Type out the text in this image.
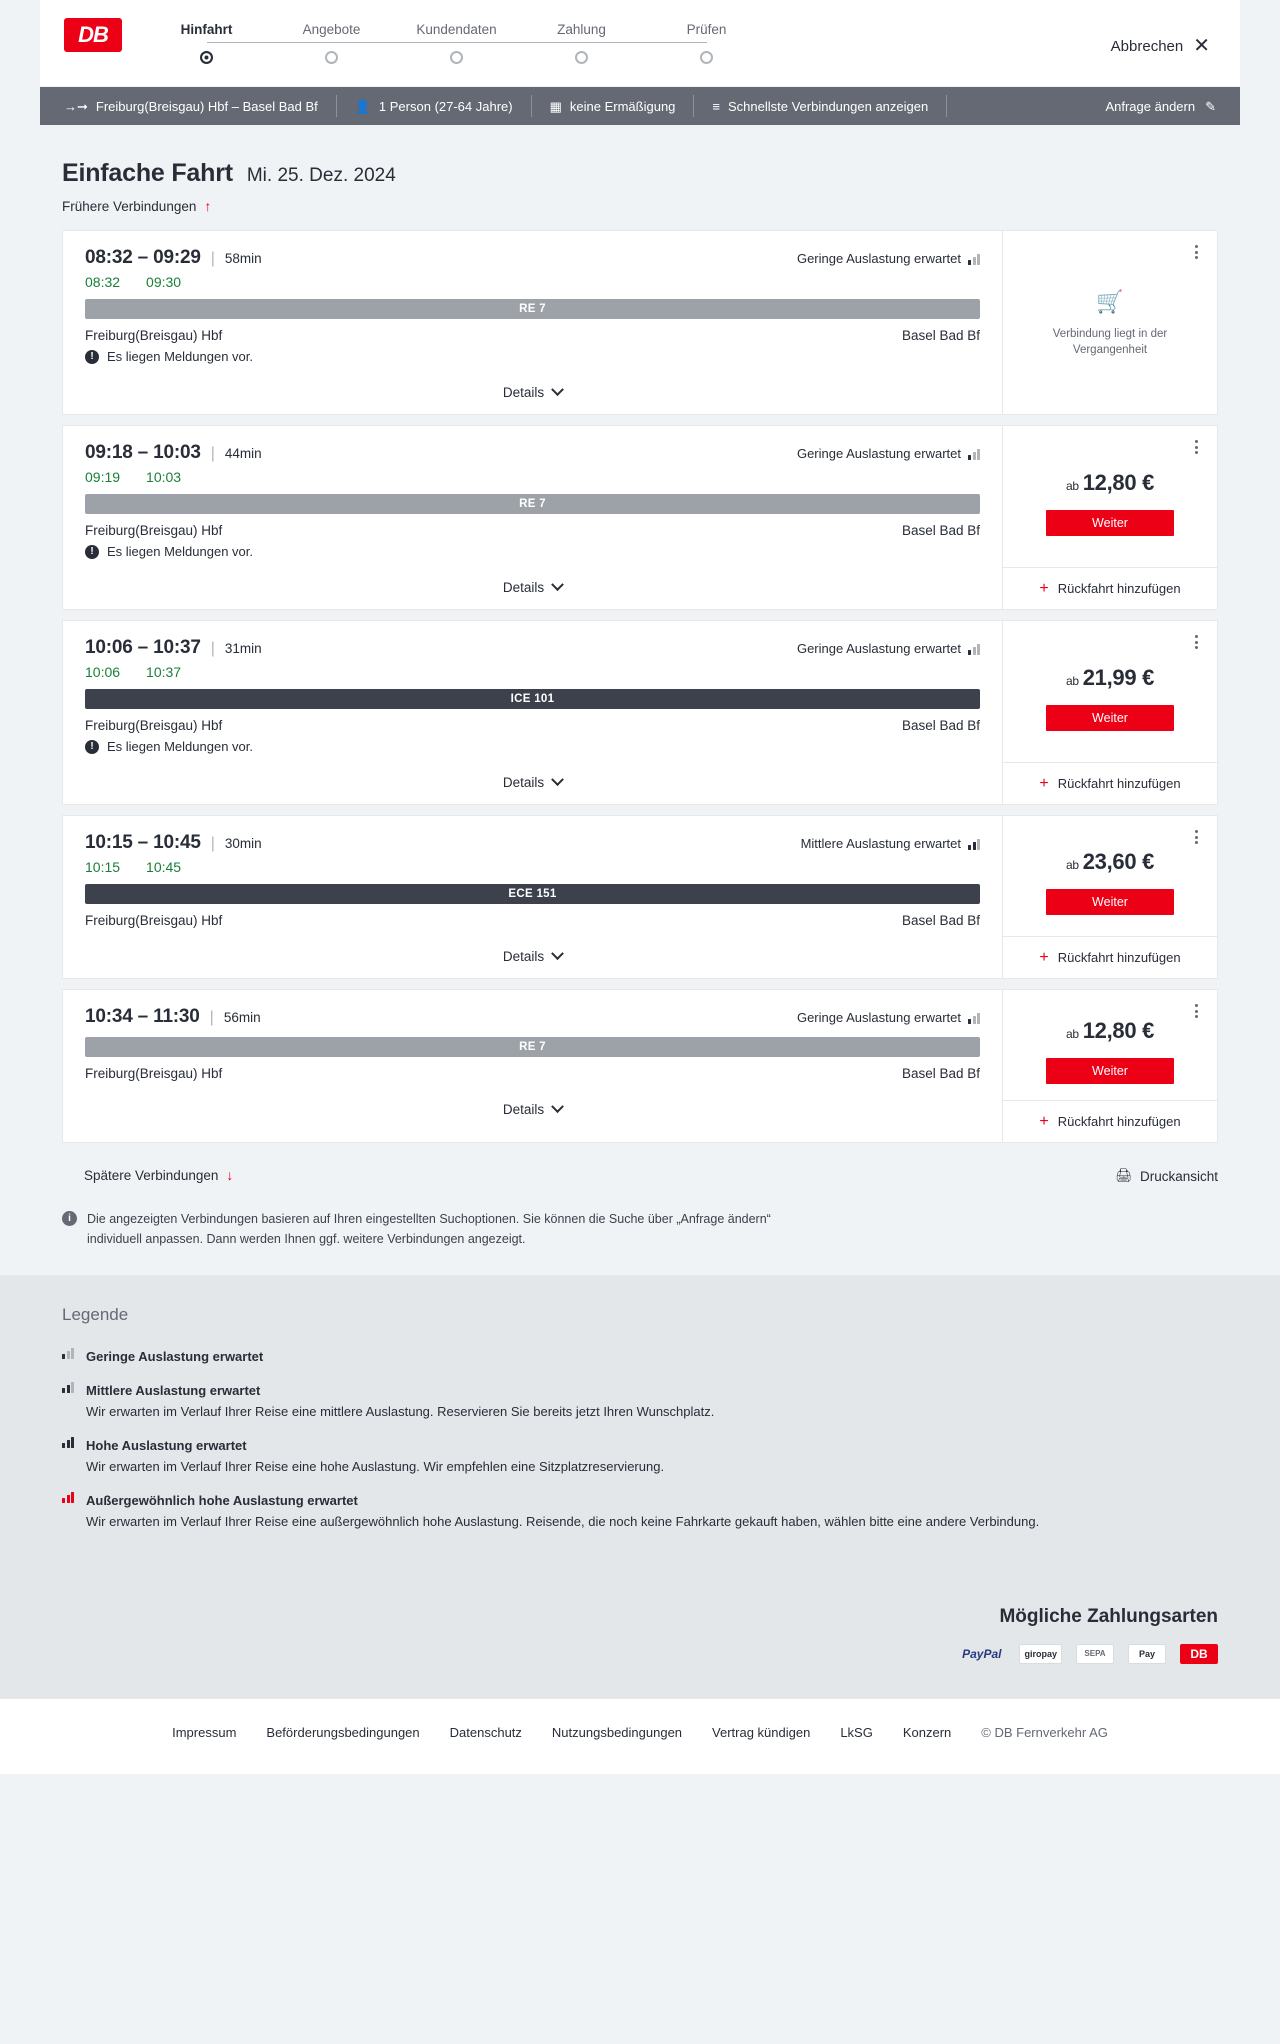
DB	Hinfahrt	Angebote	Kundendaten	Zahlung	Prüfen
Abbrechen ✕
→➞ Freiburg(Breisgau) Hbf – Basel Bad Bf	👤 1 Person (27-64 Jahre)	▦ keine Ermäßigung	≡ Schnellste Verbindungen anzeigen	Anfrage ändern ✎
Einfache Fahrt Mi. 25. Dez. 2024
Frühere Verbindungen ↑
08:32 – 09:29 | 58min	Geringe Auslastung erwartet
08:32 09:30
RE 7
Freiburg(Breisgau) Hbf	Basel Bad Bf
!	Es liegen Meldungen vor.
Details
🛒
Verbindung liegt in der Vergangenheit
09:18 – 10:03 | 44min	Geringe Auslastung erwartet
09:19 10:03
RE 7
Freiburg(Breisgau) Hbf	Basel Bad Bf
!	Es liegen Meldungen vor.
Details
ab 12,80 €
Weiter
+ Rückfahrt hinzufügen
10:06 – 10:37 | 31min	Geringe Auslastung erwartet
10:06 10:37
ICE 101
Freiburg(Breisgau) Hbf	Basel Bad Bf
!	Es liegen Meldungen vor.
Details
ab 21,99 €
Weiter
+ Rückfahrt hinzufügen
10:15 – 10:45 | 30min	Mittlere Auslastung erwartet
10:15 10:45
ECE 151
Freiburg(Breisgau) Hbf	Basel Bad Bf
Details
ab 23,60 €
Weiter
+ Rückfahrt hinzufügen
10:34 – 11:30 | 56min	Geringe Auslastung erwartet
RE 7
Freiburg(Breisgau) Hbf	Basel Bad Bf
Details
ab 12,80 €
Weiter
+ Rückfahrt hinzufügen
Spätere Verbindungen ↓	🖨 Druckansicht
i	Die angezeigten Verbindungen basieren auf Ihren eingestellten Suchoptionen. Sie können die Suche über „Anfrage ändern“ individuell anpassen. Dann werden Ihnen ggf. weitere Verbindungen angezeigt.
Legende
Geringe Auslastung erwartet
Mittlere Auslastung erwartet

Wir erwarten im Verlauf Ihrer Reise eine mittlere Auslastung. Reservieren Sie bereits jetzt Ihren Wunschplatz.

Hohe Auslastung erwartet

Wir erwarten im Verlauf Ihrer Reise eine hohe Auslastung. Wir empfehlen eine Sitzplatzreservierung.

Außergewöhnlich hohe Auslastung erwartet

Wir erwarten im Verlauf Ihrer Reise eine außergewöhnlich hohe Auslastung. Reisende, die noch keine Fahrkarte gekauft haben, wählen bitte eine andere Verbindung.

Mögliche Zahlungsarten
PayPal	giropay	SEPA	Pay	DB
Impressum Beförderungsbedingungen Datenschutz Nutzungsbedingungen Vertrag kündigen LkSG Konzern © DB Fernverkehr AG
